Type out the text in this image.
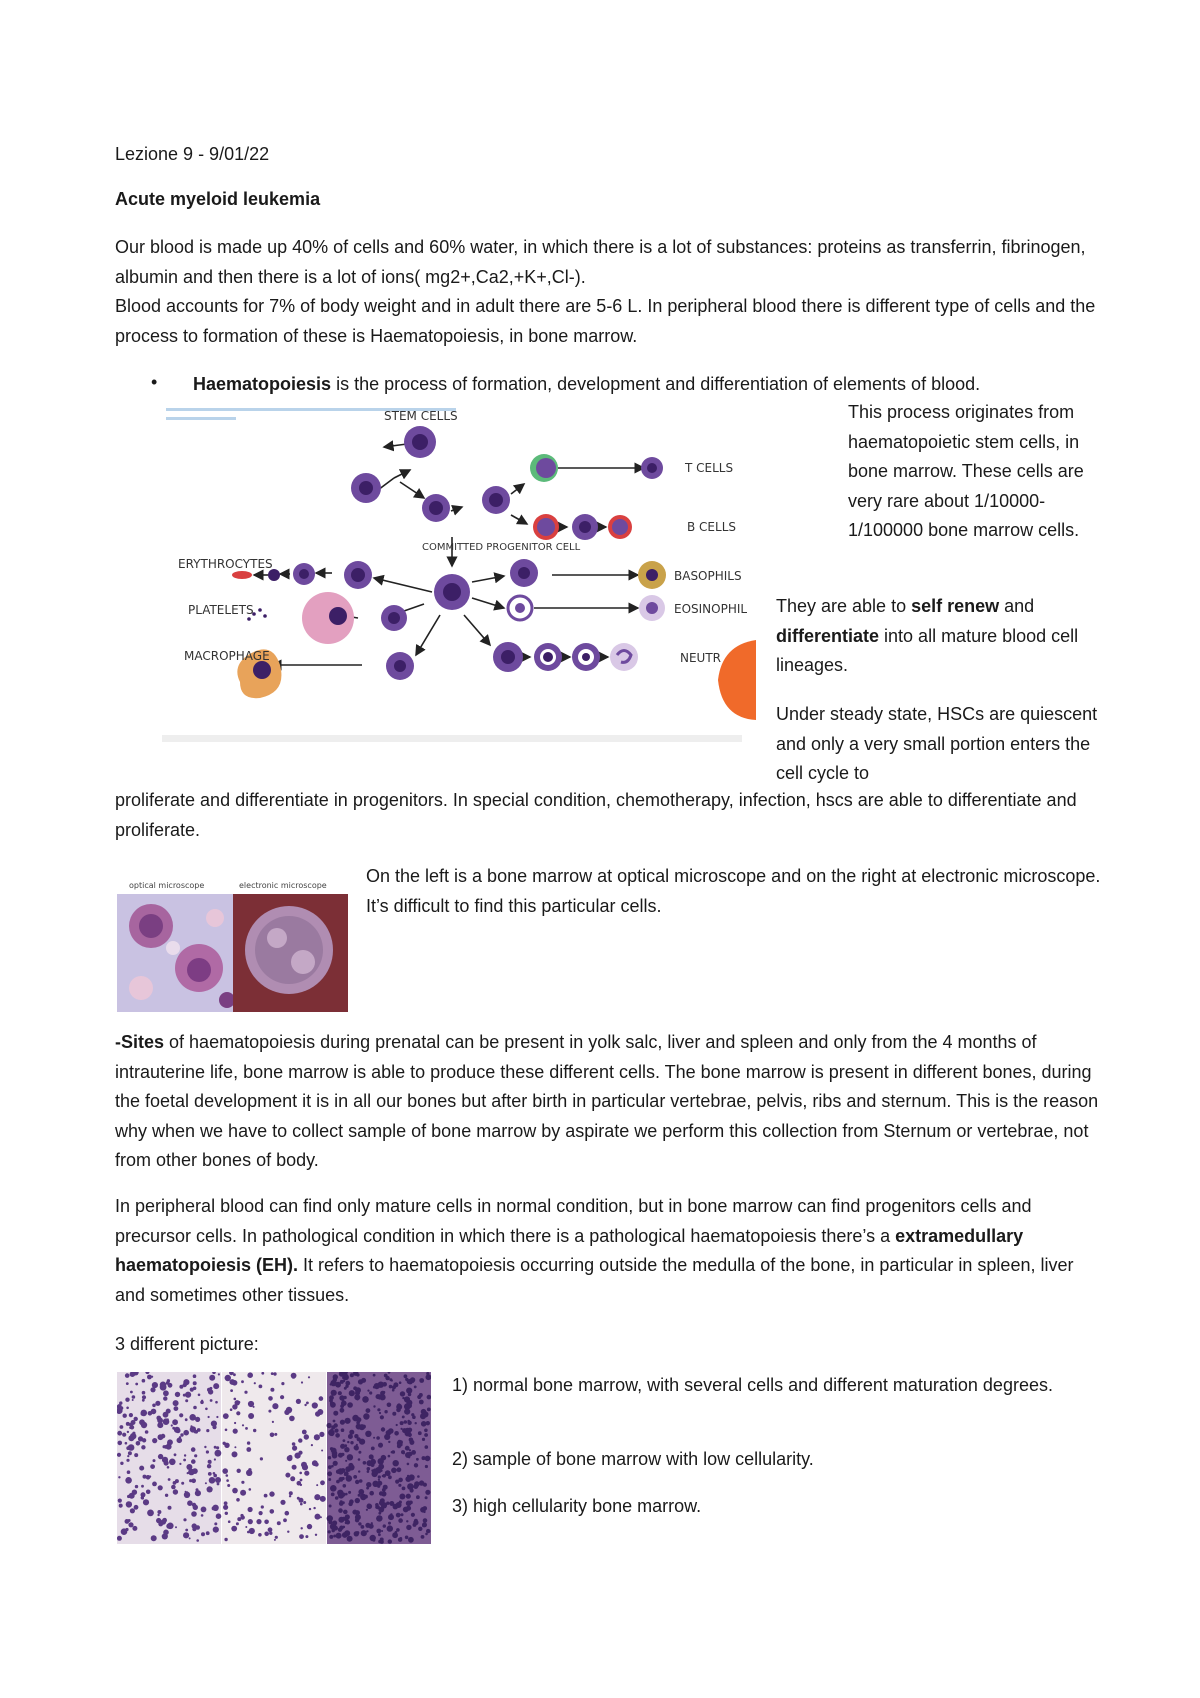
Lezione 9 - 9/01/22

Acute myeloid leukemia

Our blood is made up 40% of cells and 60% water, in which there is a lot of substances: proteins as transferrin, fibrinogen, albumin and then there is a lot of ions( mg2+,Ca2,+K+,Cl-).

Blood accounts for 7% of body weight and in adult there are 5-6 L. In peripheral blood there is different type of cells and the process to formation of these is Haematopoiesis, in bone marrow.

• Haematopoiesis is the process of formation, development and differentiation of elements of blood.

STEM CELLS
COMMITTED PROGENITOR CELL
T CELLS
B CELLS
ERYTHROCYTES
PLATELETS
MACROPHAGE
BASOPHILS
EOSINOPHIL
NEUTR

This process originates from haematopoietic stem cells, in bone marrow. These cells are very rare about 1/10000-1/100000 bone marrow cells.

They are able to self renew and differentiate into all mature blood cell lineages.

Under steady state, HSCs are quiescent and only a very small portion enters the cell cycle to

proliferate and differentiate in progenitors. In special condition, chemotherapy, infection, hscs are able to differentiate and proliferate.

optical microscope	electronic microscope On the left is a bone marrow at optical microscope and on the right at electronic microscope. It’s difficult to find this particular cells.

-Sites of haematopoiesis during prenatal can be present in yolk salc, liver and spleen and only from the 4 months of intrauterine life, bone marrow is able to produce these different cells. The bone marrow is present in different bones, during the foetal development it is in all our bones but after birth in particular vertebrae, pelvis, ribs and sternum. This is the reason why when we have to collect sample of bone marrow by aspirate we perform this collection from Sternum or vertebrae, not from other bones of body.

In peripheral blood can find only mature cells in normal condition, but in bone marrow can find progenitors cells and precursor cells. In pathological condition in which there is a pathological haematopoiesis there’s a extramedullary haematopoiesis (EH). It refers to haematopoiesis occurring outside the medulla of the bone, in particular in spleen, liver and sometimes other tissues.

3 different picture:

1) normal bone marrow, with several cells and different maturation degrees.

2) sample of bone marrow with low cellularity.

3) high cellularity bone marrow.
